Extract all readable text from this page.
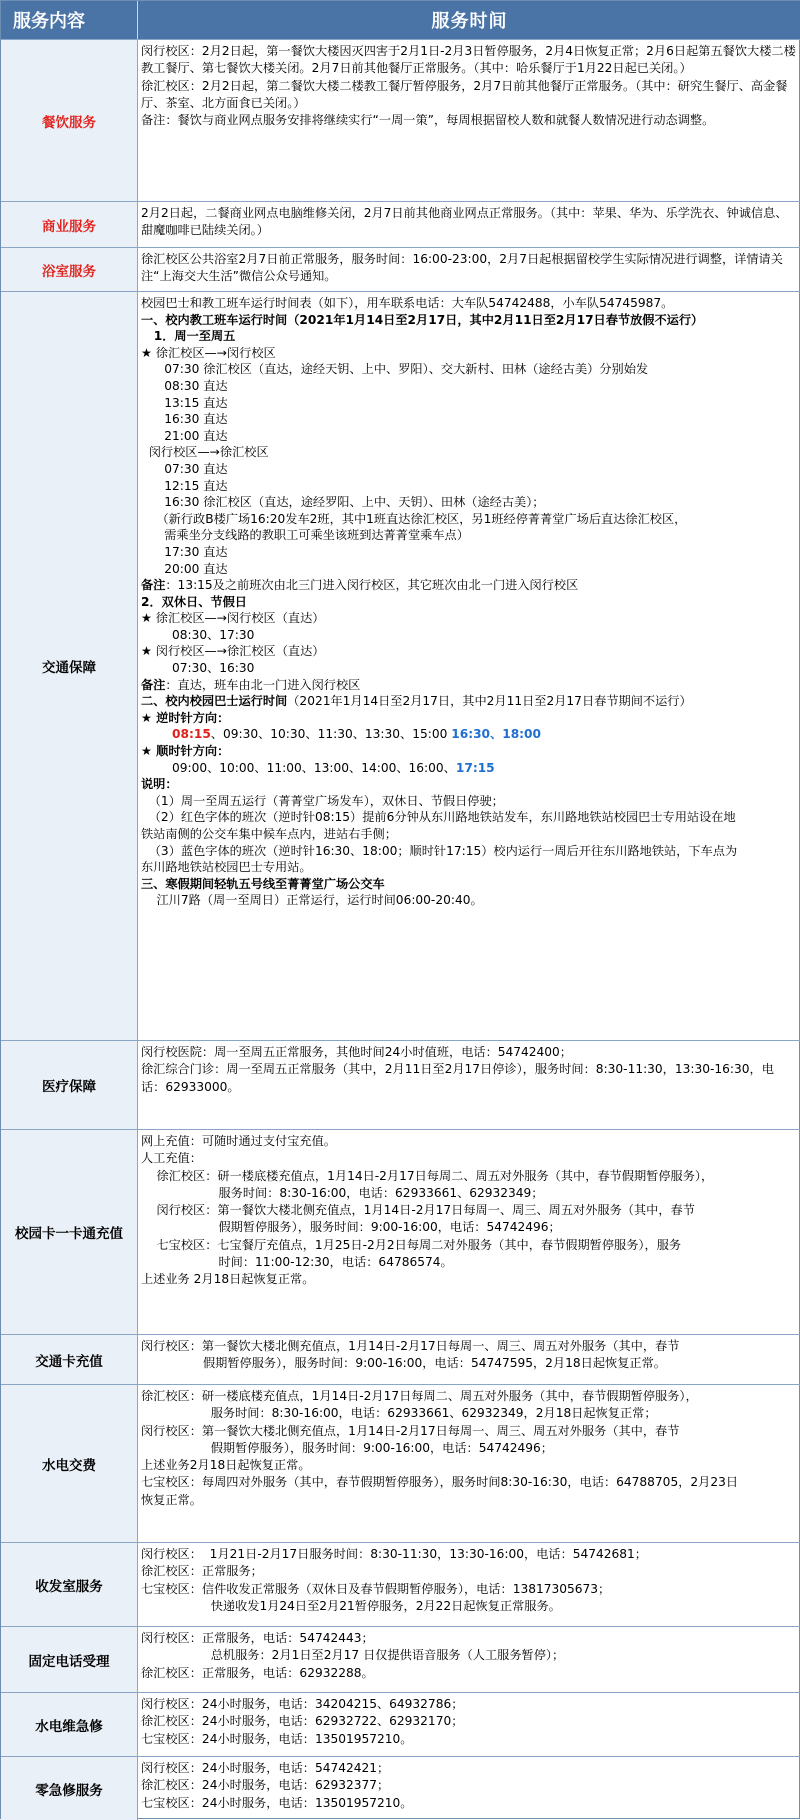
服务内容	服务时间
餐饮服务
闵行校区：2月2日起，第一餐饮大楼因灭四害于2月1日-2月3日暂停服务，2月4日恢复正常；2月6日起第五餐饮大楼二楼教工餐厅、第七餐饮大楼关闭。2月7日前其他餐厅正常服务。（其中：哈乐餐厅于1月22日起已关闭。）
徐汇校区：2月2日起，第二餐饮大楼二楼教工餐厅暂停服务，2月7日前其他餐厅正常服务。（其中：研究生餐厅、高金餐厅、茶室、北方面食已关闭。）
备注：餐饮与商业网点服务安排将继续实行“一周一策”，每周根据留校人数和就餐人数情况进行动态调整。
商业服务
2月2日起，二餐商业网点电脑维修关闭，2月7日前其他商业网点正常服务。（其中：苹果、华为、乐学洗衣、钟诚信息、甜魔咖啡已陆续关闭。）
浴室服务
徐汇校区公共浴室2月7日前正常服务，服务时间：16:00-23:00，2月7日起根据留校学生实际情况进行调整，详情请关注“上海交大生活”微信公众号通知。
医疗保障
闵行校医院：周一至周五正常服务，其他时间24小时值班，电话：54742400；
徐汇综合门诊：周一至周五正常服务（其中，2月11日至2月17日停诊），服务时间：8:30-11:30，13:30-16:30，电话：62933000。
校园卡一卡通充值
网上充值：可随时通过支付宝充值。
人工充值：
徐汇校区：研一楼底楼充值点，1月14日-2月17日每周二、周五对外服务（其中，春节假期暂停服务），
服务时间：8:30-16:00，电话：62933661、62932349；
闵行校区：第一餐饮大楼北侧充值点，1月14日-2月17日每周一、周三、周五对外服务（其中，春节
假期暂停服务），服务时间：9:00-16:00，电话：54742496；
七宝校区：七宝餐厅充值点，1月25日-2月2日每周二对外服务（其中，春节假期暂停服务），服务
时间：11:00-12:30，电话：64786574。
上述业务 2月18日起恢复正常。
交通卡充值
闵行校区：第一餐饮大楼北侧充值点，1月14日-2月17日每周一、周三、周五对外服务（其中，春节
假期暂停服务），服务时间：9:00-16:00，电话：54747595，2月18日起恢复正常。
水电交费
徐汇校区：研一楼底楼充值点，1月14日-2月17日每周二、周五对外服务（其中，春节假期暂停服务），
服务时间：8:30-16:00，电话：62933661、62932349，2月18日起恢复正常；
闵行校区：第一餐饮大楼北侧充值点，1月14日-2月17日每周一、周三、周五对外服务（其中，春节
假期暂停服务），服务时间：9:00-16:00，电话：54742496；
上述业务2月18日起恢复正常。
七宝校区：每周四对外服务（其中，春节假期暂停服务），服务时间8:30-16:30，电话：64788705，2月23日
恢复正常。
收发室服务
闵行校区：  1月21日-2月17日服务时间：8:30-11:30，13:30-16:00，电话：54742681；
徐汇校区：正常服务；
七宝校区：信件收发正常服务（双休日及春节假期暂停服务），电话：13817305673；
快递收发1月24日至2月21暂停服务，2月22日起恢复正常服务。
固定电话受理
闵行校区：正常服务，电话：54742443；
总机服务：2月1日至2月17 日仅提供语音服务（人工服务暂停）；
徐汇校区：正常服务，电话：62932288。
水电维急修
闵行校区：24小时服务，电话：34204215、64932786；
徐汇校区：24小时服务，电话：62932722、62932170；
七宝校区：24小时服务，电话：13501957210。
零急修服务
闵行校区：24小时服务，电话：54742421；
徐汇校区：24小时服务，电话：62932377；
七宝校区：24小时服务，电话：13501957210。
交通保障
校园巴士和教工班车运行时间表（如下），用车联系电话：大车队54742488，小车队54745987。
一、校内教工班车运行时间（2021年1月14日至2月17日，其中2月11日至2月17日春节放假不运行）
1．周一至周五
★ 徐汇校区—→闵行校区
07:30 徐汇校区（直达，途经天钥、上中、罗阳）、交大新村、田林（途经古美）分别始发
08:30 直达
13:15 直达
16:30 直达
21:00 直达
闵行校区—→徐汇校区
07:30 直达
12:15 直达
16:30 徐汇校区（直达，途经罗阳、上中、天钥）、田林（途经古美）；
（新行政B楼广场16:20发车2班，其中1班直达徐汇校区，另1班经停菁菁堂广场后直达徐汇校区，
需乘坐分支线路的教职工可乘坐该班到达菁菁堂乘车点）
17:30 直达
20:00 直达
备注：13:15及之前班次由北三门进入闵行校区，其它班次由北一门进入闵行校区
2．双休日、节假日
★ 徐汇校区—→闵行校区（直达）
08:30、17:30
★ 闵行校区—→徐汇校区（直达）
07:30、16:30
备注：直达，班车由北一门进入闵行校区
二、校内校园巴士运行时间（2021年1月14日至2月17日，其中2月11日至2月17日春节期间不运行）
★ 逆时针方向：
08:15、09:30、10:30、11:30、13:30、15:00 16:30、18:00
★ 顺时针方向：
09:00、10:00、11:00、13:00、14:00、16:00、17:15
说明：
（1）周一至周五运行（菁菁堂广场发车），双休日、节假日停驶；
（2）红色字体的班次（逆时针08:15）提前6分钟从东川路地铁站发车，东川路地铁站校园巴士专用站设在地
铁站南侧的公交车集中候车点内，进站右手侧；
（3）蓝色字体的班次（逆时针16:30、18:00；顺时针17:15）校内运行一周后开往东川路地铁站，下车点为
东川路地铁站校园巴士专用站。
三、寒假期间轻轨五号线至菁菁堂广场公交车
江川7路（周一至周日）正常运行，运行时间06:00-20:40。
